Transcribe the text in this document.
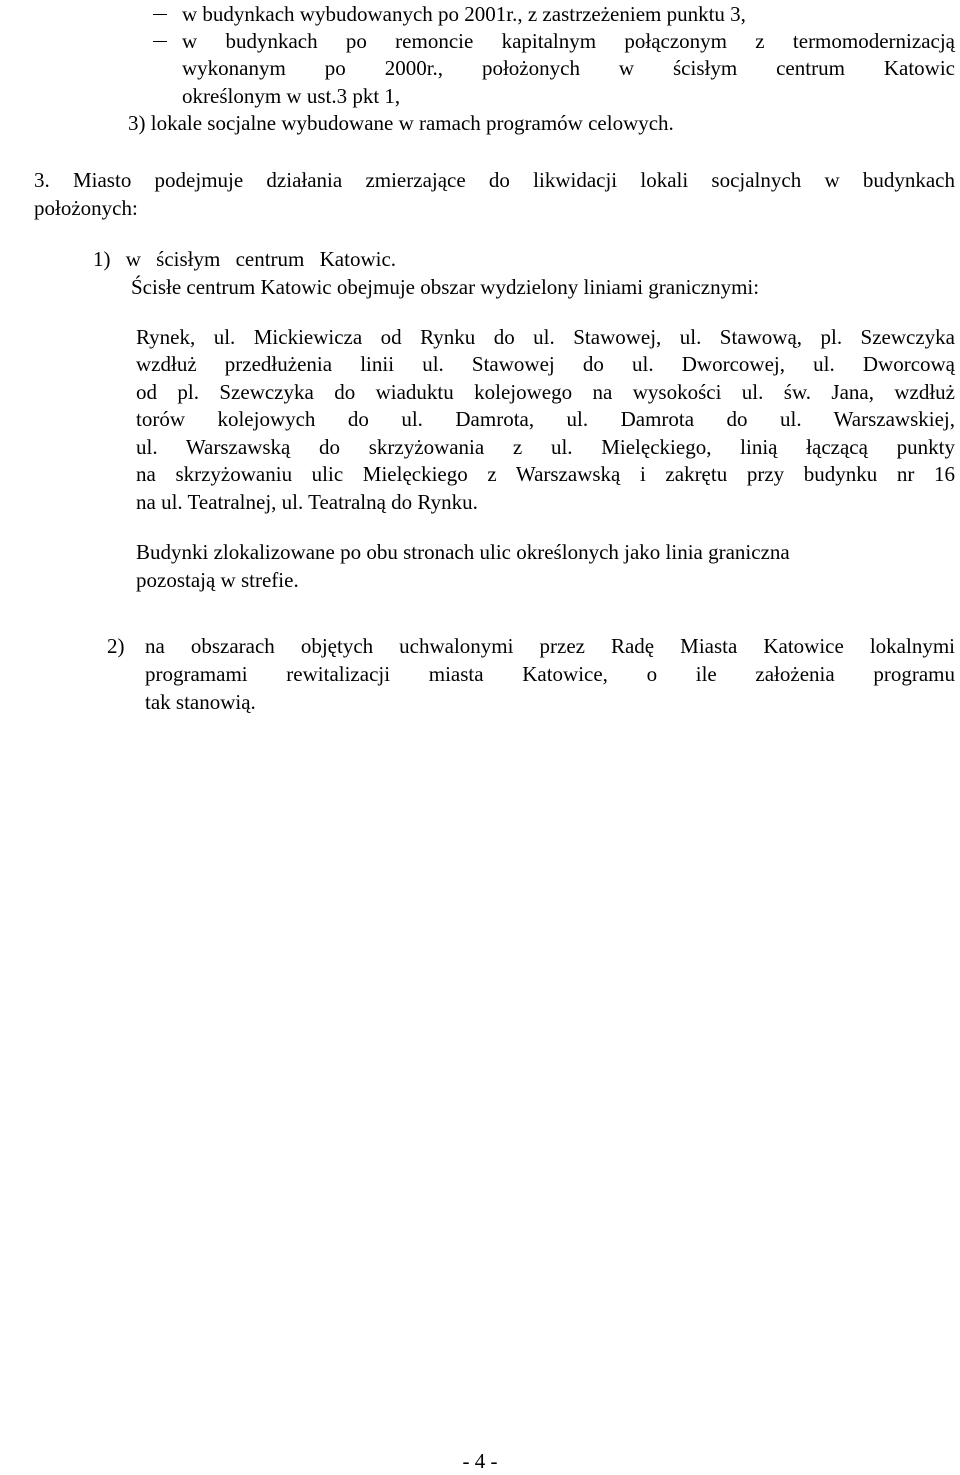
w budynkach wybudowanych po 2001r., z zastrzeżeniem punktu 3,
w budynkach po remoncie kapitalnym połączonym z termomodernizacją
wykonanym po 2000r., położonych w ścisłym centrum Katowic
określonym w ust.3 pkt 1,
3) lokale socjalne wybudowane w ramach programów celowych.
3. Miasto podejmuje działania zmierzające do likwidacji lokali socjalnych w budynkach
położonych:
1) w ścisłym centrum Katowic.
Ścisłe centrum Katowic obejmuje obszar wydzielony liniami granicznymi:
Rynek, ul. Mickiewicza od Rynku do ul. Stawowej, ul. Stawową, pl. Szewczyka
wzdłuż przedłużenia linii ul. Stawowej do ul. Dworcowej, ul. Dworcową
od pl. Szewczyka do wiaduktu kolejowego na wysokości ul. św. Jana, wzdłuż
torów kolejowych do ul. Damrota, ul. Damrota do ul. Warszawskiej,
ul. Warszawską do skrzyżowania z ul. Mielęckiego, linią łączącą punkty
na skrzyżowaniu ulic Mielęckiego z Warszawską i zakrętu przy budynku nr 16
na ul. Teatralnej, ul. Teatralną do Rynku.
Budynki zlokalizowane po obu stronach ulic określonych jako linia graniczna
pozostają w strefie.
2) na obszarach objętych uchwalonymi przez Radę Miasta Katowice lokalnymi
programami rewitalizacji miasta Katowice, o ile założenia programu
tak stanowią.
- 4 -
